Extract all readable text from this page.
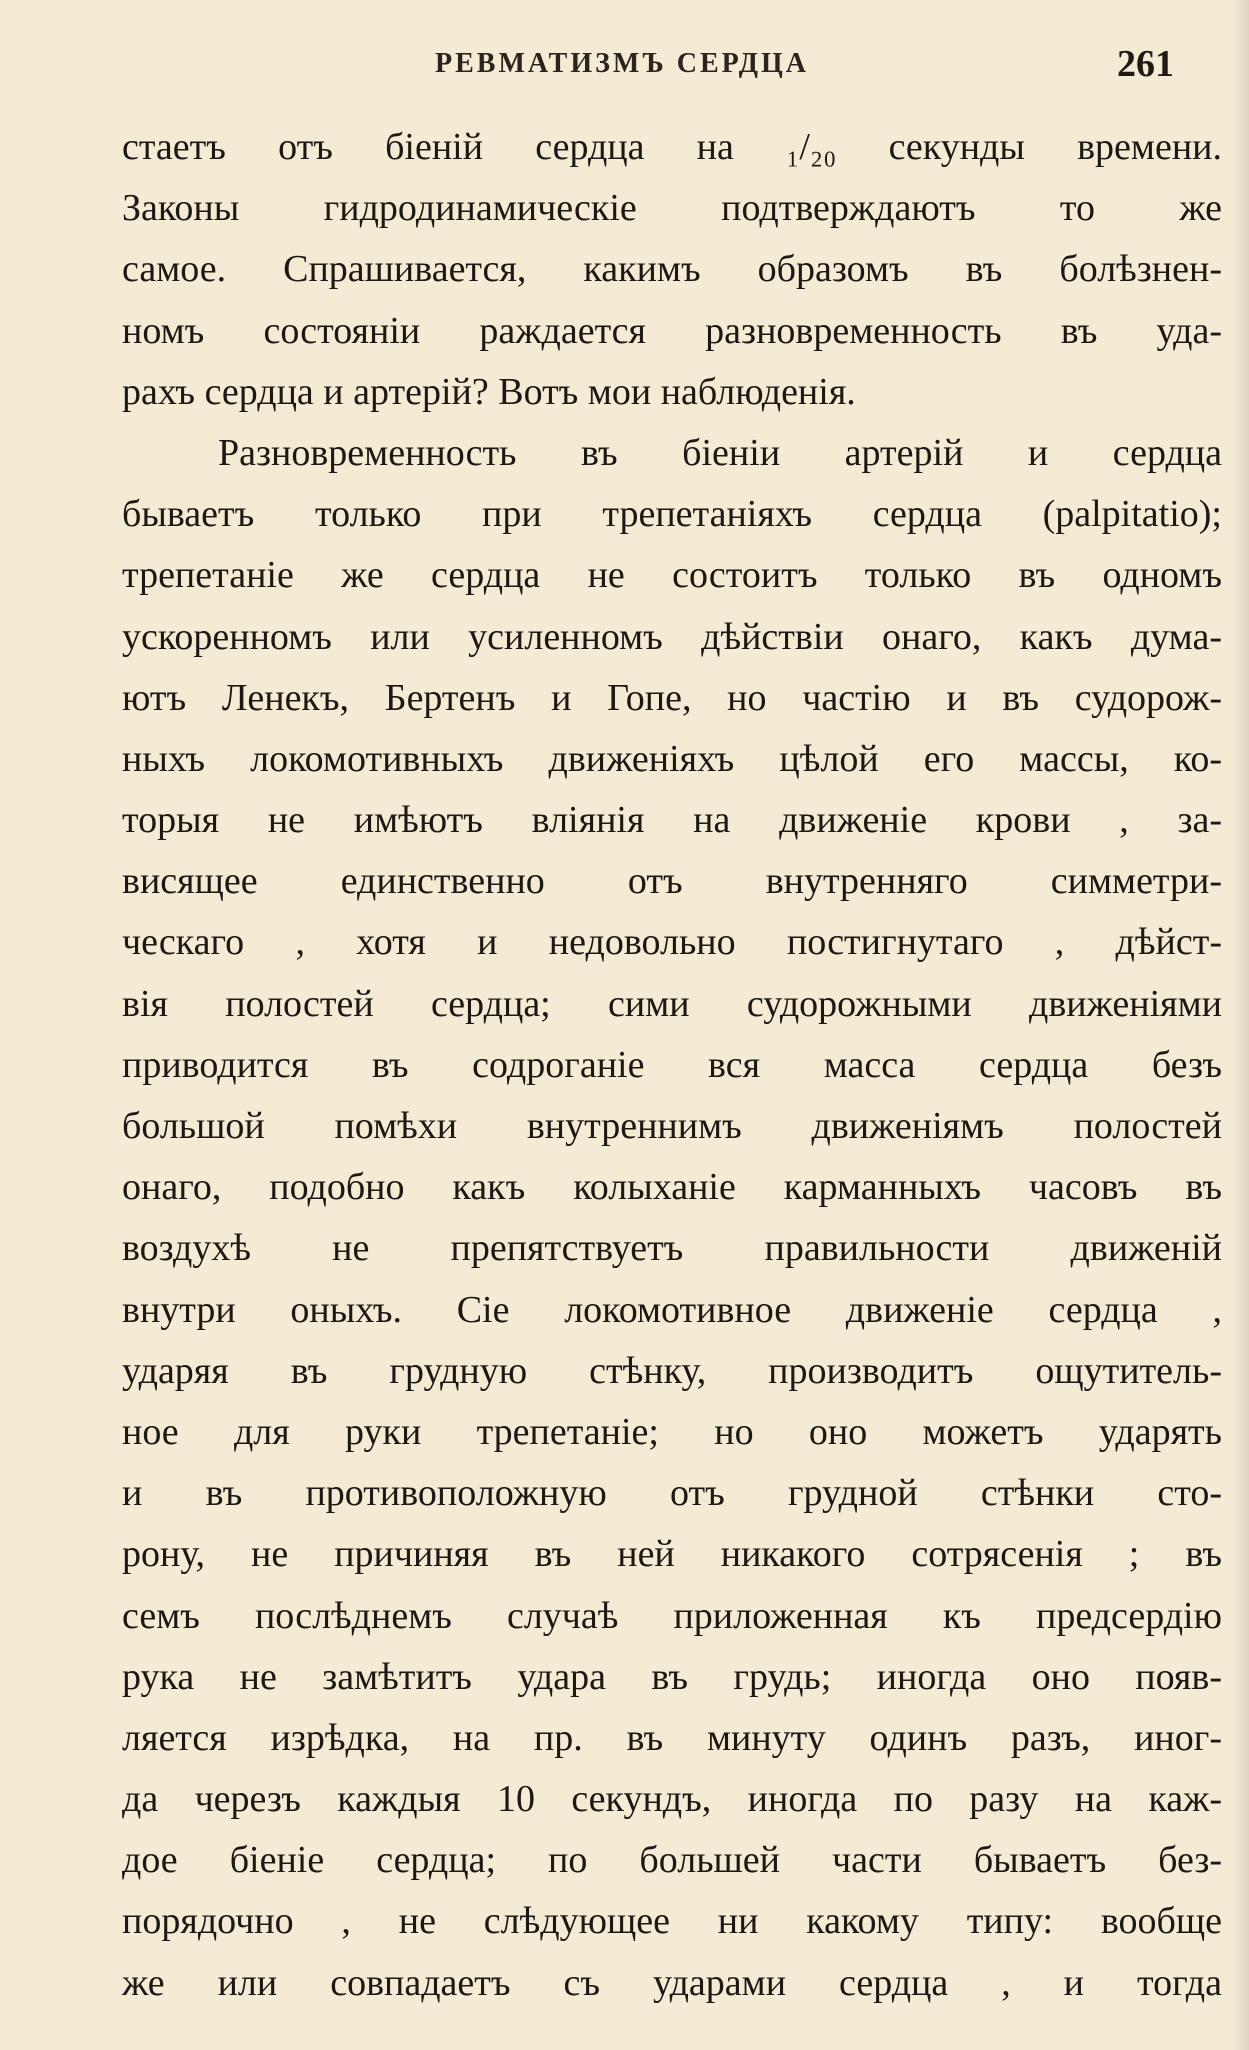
РЕВМАТИЗМЪ СЕРДЦА	261
стаетъ отъ біенiй сердца на ₁/₂₀ секунды времени.
Законы гидродинамическіе подтверждаютъ то же
самое. Спрашивается, какимъ образомъ въ болѣзнен-
номъ состояніи раждается разновременность въ уда-
рахъ сердца и артерій? Вотъ мои наблюденія.
Разновременность въ біеніи артерій и сердца
бываетъ только при трепетаніяхъ сердца (palpitatio);
трепетаніе же сердца не состоитъ только въ одномъ
ускоренномъ или усиленномъ дѣйствіи онаго, какъ дума-
ютъ Ленекъ, Бертенъ и Гопе, но частію и въ судорож-
ныхъ локомотивныхъ движеніяхъ цѣлой его массы, ко-
торыя не имѣютъ вліянія на движеніе крови , за-
висящее единственно отъ внутренняго симметри-
ческаго , хотя и недовольно постигнутаго , дѣйст-
вія полостей сердца; сими судорожными движеніями
приводится въ содроганіе вся масса сердца безъ
большой помѣхи внутреннимъ движеніямъ полостей
онаго, подобно какъ колыханіе карманныхъ часовъ въ
воздухѣ не препятствуетъ правильности движеній
внутри оныхъ. Сіе локомотивное движеніе сердца ,
ударяя въ грудную стѣнку, производитъ ощутитель-
ное для руки трепетаніе; но оно можетъ ударять
и въ противоположную отъ грудной стѣнки сто-
рону, не причиняя въ ней никакого сотрясенія ; въ
семъ послѣднемъ случаѣ приложенная къ предсердію
рука не замѣтитъ удара въ грудь; иногда оно появ-
ляется изрѣдка, на пр. въ минуту одинъ разъ, иног-
да черезъ каждыя 10 секундъ, иногда по разу на каж-
дое біеніе сердца; по большей части бываетъ без-
порядочно , не слѣдующее ни какому типу: вообще
же или совпадаетъ съ ударами сердца , и тогда
